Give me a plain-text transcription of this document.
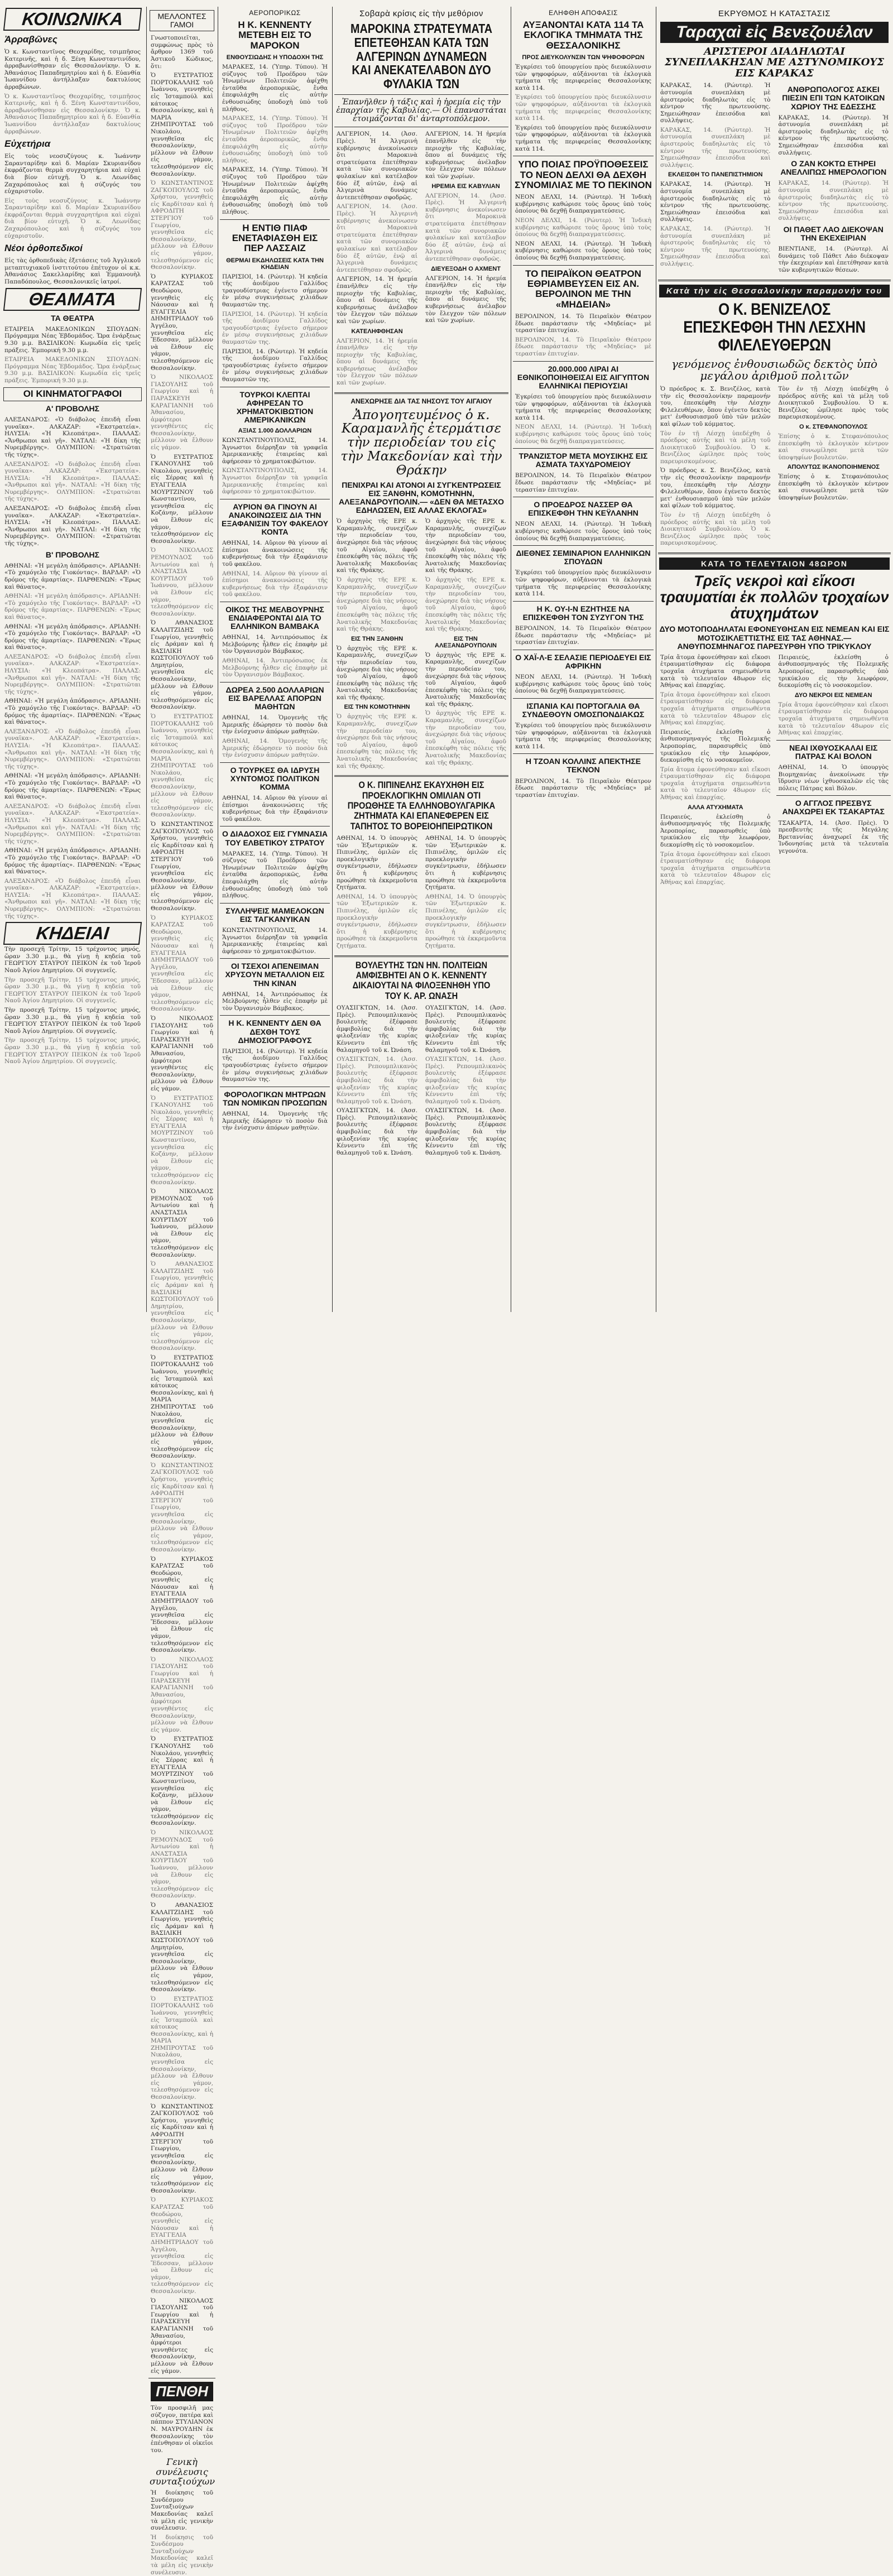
ΚΟΙΝΩΝΙΚΑ
Ἀρραβῶνες

Ὁ κ. Κωνσταντῖνος Θεοχαρίδης, τσιμπῆσος Κατερινῆς, καὶ ἡ δ. Ξένη Κωνσταντινίδου, ἀρραβωνίσθησαν εἰς Θεσσαλονίκην. Ὁ κ. Ἀθανάσιος Παπαδημητρίου καὶ ἡ δ. Εὐανθία Ἰωαννίδου ἀντήλλαξαν δακτυλίους ἀρραβώνων.

Ὁ κ. Κωνσταντῖνος Θεοχαρίδης, τσιμπῆσος Κατερινῆς, καὶ ἡ δ. Ξένη Κωνσταντινίδου, ἀρραβωνίσθησαν εἰς Θεσσαλονίκην. Ὁ κ. Ἀθανάσιος Παπαδημητρίου καὶ ἡ δ. Εὐανθία Ἰωαννίδου ἀντήλλαξαν δακτυλίους ἀρραβώνων.

Εὐχετήρια

Εἰς τοὺς νεοσυζύγους κ. Ἰωάννην Σαρανταρίδην καὶ δ. Μαρίαν Σκυριανίδου ἐκφράζονται θερμὰ συγχαρητήρια καὶ εὐχαὶ διὰ βίον εὐτυχῆ. Ὁ κ. Λεωνίδας Ζαχαρόπουλος καὶ ἡ σύζυγός του εὐχαριστοῦν.

Εἰς τοὺς νεοσυζύγους κ. Ἰωάννην Σαρανταρίδην καὶ δ. Μαρίαν Σκυριανίδου ἐκφράζονται θερμὰ συγχαρητήρια καὶ εὐχαὶ διὰ βίον εὐτυχῆ. Ὁ κ. Λεωνίδας Ζαχαρόπουλος καὶ ἡ σύζυγός του εὐχαριστοῦν.

Νέοι ὀρθοπεδικοί

Εἰς τὰς ὀρθοπεδικὰς ἐξετάσεις τοῦ Ἀγγλικοῦ μεταπτυχιακοῦ ἰνστιτούτου ἐπέτυχον οἱ κ.κ. Ἀθανάσιος Σακελλαρίδης καὶ Ἐμμανουὴλ Παπαδόπουλος, Θεσσαλονικεῖς ἰατροί.

ΘΕΑΜΑΤΑ
ΤΑ ΘΕΑΤΡΑ

ΕΤΑΙΡΕΙΑ ΜΑΚΕΔΟΝΙΚΩΝ ΣΠΟΥΔΩΝ: Πρόγραμμα Νέας Ἐβδομάδος. Ὥρα ἐνάρξεως 9.30 μ.μ. ΒΑΣΙΛΙΚΟΝ: Κωμωδία εἰς τρεῖς πράξεις. Ἐμπορική 9.30 μ.μ.

ΕΤΑΙΡΕΙΑ ΜΑΚΕΔΟΝΙΚΩΝ ΣΠΟΥΔΩΝ: Πρόγραμμα Νέας Ἐβδομάδος. Ὥρα ἐνάρξεως 9.30 μ.μ. ΒΑΣΙΛΙΚΟΝ: Κωμωδία εἰς τρεῖς πράξεις. Ἐμπορική 9.30 μ.μ.

ΟΙ ΚΙΝΗΜΑΤΟΓΡΑΦΟΙ
Α' ΠΡΟΒΟΛΗΣ

ΑΛΕΞΑΝΔΡΟΣ: «Ὁ διάβολος ἐπειδὴ εἶναι γυναῖκα». ΑΛΚΑΖΑΡ: «Ἐκστρατεία». ΗΛΥΣΙΑ: «Ἡ Κλεοπάτρα». ΠΑΛΛΑΣ: «Ἄνθρωποι καὶ γῆ». ΝΑΤΑΛΙ: «Ἡ δίκη τῆς Νυρεμβέργης». ΟΛΥΜΠΙΟΝ: «Στρατιῶται τῆς τύχης».

ΑΛΕΞΑΝΔΡΟΣ: «Ὁ διάβολος ἐπειδὴ εἶναι γυναῖκα». ΑΛΚΑΖΑΡ: «Ἐκστρατεία». ΗΛΥΣΙΑ: «Ἡ Κλεοπάτρα». ΠΑΛΛΑΣ: «Ἄνθρωποι καὶ γῆ». ΝΑΤΑΛΙ: «Ἡ δίκη τῆς Νυρεμβέργης». ΟΛΥΜΠΙΟΝ: «Στρατιῶται τῆς τύχης».

ΑΛΕΞΑΝΔΡΟΣ: «Ὁ διάβολος ἐπειδὴ εἶναι γυναῖκα». ΑΛΚΑΖΑΡ: «Ἐκστρατεία». ΗΛΥΣΙΑ: «Ἡ Κλεοπάτρα». ΠΑΛΛΑΣ: «Ἄνθρωποι καὶ γῆ». ΝΑΤΑΛΙ: «Ἡ δίκη τῆς Νυρεμβέργης». ΟΛΥΜΠΙΟΝ: «Στρατιῶται τῆς τύχης».

Β' ΠΡΟΒΟΛΗΣ

ΑΘΗΝΑΙ: «Ἡ μεγάλη ἀπόδρασις». ΑΡΙΑΔΝΗ: «Τὸ χαμόγελο τῆς Γιοκόντας». ΒΑΡΔΑΡ: «Ὁ δρόμος τῆς ἁμαρτίας». ΠΑΡΘΕΝΩΝ: «Ἔρως καὶ θάνατος».

ΑΘΗΝΑΙ: «Ἡ μεγάλη ἀπόδρασις». ΑΡΙΑΔΝΗ: «Τὸ χαμόγελο τῆς Γιοκόντας». ΒΑΡΔΑΡ: «Ὁ δρόμος τῆς ἁμαρτίας». ΠΑΡΘΕΝΩΝ: «Ἔρως καὶ θάνατος».

ΑΘΗΝΑΙ: «Ἡ μεγάλη ἀπόδρασις». ΑΡΙΑΔΝΗ: «Τὸ χαμόγελο τῆς Γιοκόντας». ΒΑΡΔΑΡ: «Ὁ δρόμος τῆς ἁμαρτίας». ΠΑΡΘΕΝΩΝ: «Ἔρως καὶ θάνατος».

ΑΛΕΞΑΝΔΡΟΣ: «Ὁ διάβολος ἐπειδὴ εἶναι γυναῖκα». ΑΛΚΑΖΑΡ: «Ἐκστρατεία». ΗΛΥΣΙΑ: «Ἡ Κλεοπάτρα». ΠΑΛΛΑΣ: «Ἄνθρωποι καὶ γῆ». ΝΑΤΑΛΙ: «Ἡ δίκη τῆς Νυρεμβέργης». ΟΛΥΜΠΙΟΝ: «Στρατιῶται τῆς τύχης».

ΑΘΗΝΑΙ: «Ἡ μεγάλη ἀπόδρασις». ΑΡΙΑΔΝΗ: «Τὸ χαμόγελο τῆς Γιοκόντας». ΒΑΡΔΑΡ: «Ὁ δρόμος τῆς ἁμαρτίας». ΠΑΡΘΕΝΩΝ: «Ἔρως καὶ θάνατος».

ΑΛΕΞΑΝΔΡΟΣ: «Ὁ διάβολος ἐπειδὴ εἶναι γυναῖκα». ΑΛΚΑΖΑΡ: «Ἐκστρατεία». ΗΛΥΣΙΑ: «Ἡ Κλεοπάτρα». ΠΑΛΛΑΣ: «Ἄνθρωποι καὶ γῆ». ΝΑΤΑΛΙ: «Ἡ δίκη τῆς Νυρεμβέργης». ΟΛΥΜΠΙΟΝ: «Στρατιῶται τῆς τύχης».

ΑΘΗΝΑΙ: «Ἡ μεγάλη ἀπόδρασις». ΑΡΙΑΔΝΗ: «Τὸ χαμόγελο τῆς Γιοκόντας». ΒΑΡΔΑΡ: «Ὁ δρόμος τῆς ἁμαρτίας». ΠΑΡΘΕΝΩΝ: «Ἔρως καὶ θάνατος».

ΑΛΕΞΑΝΔΡΟΣ: «Ὁ διάβολος ἐπειδὴ εἶναι γυναῖκα». ΑΛΚΑΖΑΡ: «Ἐκστρατεία». ΗΛΥΣΙΑ: «Ἡ Κλεοπάτρα». ΠΑΛΛΑΣ: «Ἄνθρωποι καὶ γῆ». ΝΑΤΑΛΙ: «Ἡ δίκη τῆς Νυρεμβέργης». ΟΛΥΜΠΙΟΝ: «Στρατιῶται τῆς τύχης».

ΑΘΗΝΑΙ: «Ἡ μεγάλη ἀπόδρασις». ΑΡΙΑΔΝΗ: «Τὸ χαμόγελο τῆς Γιοκόντας». ΒΑΡΔΑΡ: «Ὁ δρόμος τῆς ἁμαρτίας». ΠΑΡΘΕΝΩΝ: «Ἔρως καὶ θάνατος».

ΑΛΕΞΑΝΔΡΟΣ: «Ὁ διάβολος ἐπειδὴ εἶναι γυναῖκα». ΑΛΚΑΖΑΡ: «Ἐκστρατεία». ΗΛΥΣΙΑ: «Ἡ Κλεοπάτρα». ΠΑΛΛΑΣ: «Ἄνθρωποι καὶ γῆ». ΝΑΤΑΛΙ: «Ἡ δίκη τῆς Νυρεμβέργης». ΟΛΥΜΠΙΟΝ: «Στρατιῶται τῆς τύχης».

ΚΗΔΕΙΑΙ

Τὴν προσεχῆ Τρίτην, 15 τρέχοντος μηνός, ὥραν 3.30 μ.μ., θὰ γίνῃ ἡ κηδεία τοῦ ΓΕΩΡΓΙΟΥ ΣΤΑΥΡΟΥ ΠΕΙΚΟΝ ἐκ τοῦ Ἱεροῦ Ναοῦ Ἁγίου Δημητρίου. Οἱ συγγενεῖς.

Τὴν προσεχῆ Τρίτην, 15 τρέχοντος μηνός, ὥραν 3.30 μ.μ., θὰ γίνῃ ἡ κηδεία τοῦ ΓΕΩΡΓΙΟΥ ΣΤΑΥΡΟΥ ΠΕΙΚΟΝ ἐκ τοῦ Ἱεροῦ Ναοῦ Ἁγίου Δημητρίου. Οἱ συγγενεῖς.

Τὴν προσεχῆ Τρίτην, 15 τρέχοντος μηνός, ὥραν 3.30 μ.μ., θὰ γίνῃ ἡ κηδεία τοῦ ΓΕΩΡΓΙΟΥ ΣΤΑΥΡΟΥ ΠΕΙΚΟΝ ἐκ τοῦ Ἱεροῦ Ναοῦ Ἁγίου Δημητρίου. Οἱ συγγενεῖς.

Τὴν προσεχῆ Τρίτην, 15 τρέχοντος μηνός, ὥραν 3.30 μ.μ., θὰ γίνῃ ἡ κηδεία τοῦ ΓΕΩΡΓΙΟΥ ΣΤΑΥΡΟΥ ΠΕΙΚΟΝ ἐκ τοῦ Ἱεροῦ Ναοῦ Ἁγίου Δημητρίου. Οἱ συγγενεῖς.

ΜΕΛΛΟΝΤΕΣ ΓΑΜΟΙ

Γνωστοποιεῖται, συμφώνως πρὸς τὸ ἄρθρον 1369 τοῦ Ἀστικοῦ Κώδικος, ὅτι:

Ὁ ΕΥΣΤΡΑΤΙΟΣ ΠΟΡΤΟΚΑΛΛΗΣ τοῦ Ἰωάννου, γεννηθεὶς εἰς Ἰσταμπούλ καὶ κάτοικος Θεσσαλονίκης, καὶ ἡ ΜΑΡΙΑ ΖΗΜΠΡΟΥΤΑΣ τοῦ Νικολάου, γεννηθεῖσα εἰς Θεσσαλονίκην, μέλλουν νὰ ἔλθουν εἰς γάμον, τελεσθησόμενον εἰς Θεσσαλονίκην.

Ὁ ΚΩΝΣΤΑΝΤΙΝΟΣ ΖΑΓΚΟΠΟΥΛΟΣ τοῦ Χρήστου, γεννηθεὶς εἰς Καρδίτσαν καὶ ἡ ΑΦΡΟΔΙΤΗ ΣΤΕΡΓΙΟΥ τοῦ Γεωργίου, γεννηθεῖσα εἰς Θεσσαλονίκην, μέλλουν νὰ ἔλθουν εἰς γάμον, τελεσθησόμενον εἰς Θεσσαλονίκην.

Ὁ ΚΥΡΙΑΚΟΣ ΚΑΡΑΤΖΑΣ τοῦ Θεοδώρου, γεννηθεὶς εἰς Νάουσαν καὶ ἡ ΕΥΑΓΓΕΛΙΑ ΔΗΜΗΤΡΙΑΔΟΥ τοῦ Ἀγγέλου, γεννηθεῖσα εἰς Ἔδεσσαν, μέλλουν νὰ ἔλθουν εἰς γάμον, τελεσθησόμενον εἰς Θεσσαλονίκην.

Ὁ ΝΙΚΟΛΑΟΣ ΓΙΑΣΟΥΛΗΣ τοῦ Γεωργίου καὶ ἡ ΠΑΡΑΣΚΕΥΗ ΚΑΡΑΓΙΑΝΝΗ τοῦ Ἀθανασίου, ἀμφότεροι γεννηθέντες εἰς Θεσσαλονίκην, μέλλουν νὰ ἔλθουν εἰς γάμον.

Ὁ ΕΥΣΤΡΑΤΙΟΣ ΓΚΑΝΟΥΛΗΣ τοῦ Νικολάου, γεννηθεὶς εἰς Σέρρας καὶ ἡ ΕΥΑΓΓΕΛΙΑ ΜΟΥΡΤΖΙΝΟΥ τοῦ Κωνσταντίνου, γεννηθεῖσα εἰς Κοζάνην, μέλλουν νὰ ἔλθουν εἰς γάμον, τελεσθησόμενον εἰς Θεσσαλονίκην.

Ὁ ΝΙΚΟΛΑΟΣ ΡΕΜΟΥΝΔΟΣ τοῦ Ἀντωνίου καὶ ἡ ΑΝΑΣΤΑΣΙΑ ΚΟΥΡΤΙΔΟΥ τοῦ Ἰωάννου, μέλλουν νὰ ἔλθουν εἰς γάμον, τελεσθησόμενον εἰς Θεσσαλονίκην.

Ὁ ΑΘΑΝΑΣΙΟΣ ΚΑΛΑΙΤΖΙΔΗΣ τοῦ Γεωργίου, γεννηθεὶς εἰς Δράμαν καὶ ἡ ΒΑΣΙΛΙΚΗ ΚΩΣΤΟΠΟΥΛΟΥ τοῦ Δημητρίου, γεννηθεῖσα εἰς Θεσσαλονίκην, μέλλουν νὰ ἔλθουν εἰς γάμον, τελεσθησόμενον εἰς Θεσσαλονίκην.

Ὁ ΕΥΣΤΡΑΤΙΟΣ ΠΟΡΤΟΚΑΛΛΗΣ τοῦ Ἰωάννου, γεννηθεὶς εἰς Ἰσταμπούλ καὶ κάτοικος Θεσσαλονίκης, καὶ ἡ ΜΑΡΙΑ ΖΗΜΠΡΟΥΤΑΣ τοῦ Νικολάου, γεννηθεῖσα εἰς Θεσσαλονίκην, μέλλουν νὰ ἔλθουν εἰς γάμον, τελεσθησόμενον εἰς Θεσσαλονίκην.

Ὁ ΚΩΝΣΤΑΝΤΙΝΟΣ ΖΑΓΚΟΠΟΥΛΟΣ τοῦ Χρήστου, γεννηθεὶς εἰς Καρδίτσαν καὶ ἡ ΑΦΡΟΔΙΤΗ ΣΤΕΡΓΙΟΥ τοῦ Γεωργίου, γεννηθεῖσα εἰς Θεσσαλονίκην, μέλλουν νὰ ἔλθουν εἰς γάμον, τελεσθησόμενον εἰς Θεσσαλονίκην.

Ὁ ΚΥΡΙΑΚΟΣ ΚΑΡΑΤΖΑΣ τοῦ Θεοδώρου, γεννηθεὶς εἰς Νάουσαν καὶ ἡ ΕΥΑΓΓΕΛΙΑ ΔΗΜΗΤΡΙΑΔΟΥ τοῦ Ἀγγέλου, γεννηθεῖσα εἰς Ἔδεσσαν, μέλλουν νὰ ἔλθουν εἰς γάμον, τελεσθησόμενον εἰς Θεσσαλονίκην.

Ὁ ΝΙΚΟΛΑΟΣ ΓΙΑΣΟΥΛΗΣ τοῦ Γεωργίου καὶ ἡ ΠΑΡΑΣΚΕΥΗ ΚΑΡΑΓΙΑΝΝΗ τοῦ Ἀθανασίου, ἀμφότεροι γεννηθέντες εἰς Θεσσαλονίκην, μέλλουν νὰ ἔλθουν εἰς γάμον.

Ὁ ΕΥΣΤΡΑΤΙΟΣ ΓΚΑΝΟΥΛΗΣ τοῦ Νικολάου, γεννηθεὶς εἰς Σέρρας καὶ ἡ ΕΥΑΓΓΕΛΙΑ ΜΟΥΡΤΖΙΝΟΥ τοῦ Κωνσταντίνου, γεννηθεῖσα εἰς Κοζάνην, μέλλουν νὰ ἔλθουν εἰς γάμον, τελεσθησόμενον εἰς Θεσσαλονίκην.

Ὁ ΝΙΚΟΛΑΟΣ ΡΕΜΟΥΝΔΟΣ τοῦ Ἀντωνίου καὶ ἡ ΑΝΑΣΤΑΣΙΑ ΚΟΥΡΤΙΔΟΥ τοῦ Ἰωάννου, μέλλουν νὰ ἔλθουν εἰς γάμον, τελεσθησόμενον εἰς Θεσσαλονίκην.

Ὁ ΑΘΑΝΑΣΙΟΣ ΚΑΛΑΙΤΖΙΔΗΣ τοῦ Γεωργίου, γεννηθεὶς εἰς Δράμαν καὶ ἡ ΒΑΣΙΛΙΚΗ ΚΩΣΤΟΠΟΥΛΟΥ τοῦ Δημητρίου, γεννηθεῖσα εἰς Θεσσαλονίκην, μέλλουν νὰ ἔλθουν εἰς γάμον, τελεσθησόμενον εἰς Θεσσαλονίκην.

Ὁ ΕΥΣΤΡΑΤΙΟΣ ΠΟΡΤΟΚΑΛΛΗΣ τοῦ Ἰωάννου, γεννηθεὶς εἰς Ἰσταμπούλ καὶ κάτοικος Θεσσαλονίκης, καὶ ἡ ΜΑΡΙΑ ΖΗΜΠΡΟΥΤΑΣ τοῦ Νικολάου, γεννηθεῖσα εἰς Θεσσαλονίκην, μέλλουν νὰ ἔλθουν εἰς γάμον, τελεσθησόμενον εἰς Θεσσαλονίκην.

Ὁ ΚΩΝΣΤΑΝΤΙΝΟΣ ΖΑΓΚΟΠΟΥΛΟΣ τοῦ Χρήστου, γεννηθεὶς εἰς Καρδίτσαν καὶ ἡ ΑΦΡΟΔΙΤΗ ΣΤΕΡΓΙΟΥ τοῦ Γεωργίου, γεννηθεῖσα εἰς Θεσσαλονίκην, μέλλουν νὰ ἔλθουν εἰς γάμον, τελεσθησόμενον εἰς Θεσσαλονίκην.

Ὁ ΚΥΡΙΑΚΟΣ ΚΑΡΑΤΖΑΣ τοῦ Θεοδώρου, γεννηθεὶς εἰς Νάουσαν καὶ ἡ ΕΥΑΓΓΕΛΙΑ ΔΗΜΗΤΡΙΑΔΟΥ τοῦ Ἀγγέλου, γεννηθεῖσα εἰς Ἔδεσσαν, μέλλουν νὰ ἔλθουν εἰς γάμον, τελεσθησόμενον εἰς Θεσσαλονίκην.

Ὁ ΝΙΚΟΛΑΟΣ ΓΙΑΣΟΥΛΗΣ τοῦ Γεωργίου καὶ ἡ ΠΑΡΑΣΚΕΥΗ ΚΑΡΑΓΙΑΝΝΗ τοῦ Ἀθανασίου, ἀμφότεροι γεννηθέντες εἰς Θεσσαλονίκην, μέλλουν νὰ ἔλθουν εἰς γάμον.

Ὁ ΕΥΣΤΡΑΤΙΟΣ ΓΚΑΝΟΥΛΗΣ τοῦ Νικολάου, γεννηθεὶς εἰς Σέρρας καὶ ἡ ΕΥΑΓΓΕΛΙΑ ΜΟΥΡΤΖΙΝΟΥ τοῦ Κωνσταντίνου, γεννηθεῖσα εἰς Κοζάνην, μέλλουν νὰ ἔλθουν εἰς γάμον, τελεσθησόμενον εἰς Θεσσαλονίκην.

Ὁ ΝΙΚΟΛΑΟΣ ΡΕΜΟΥΝΔΟΣ τοῦ Ἀντωνίου καὶ ἡ ΑΝΑΣΤΑΣΙΑ ΚΟΥΡΤΙΔΟΥ τοῦ Ἰωάννου, μέλλουν νὰ ἔλθουν εἰς γάμον, τελεσθησόμενον εἰς Θεσσαλονίκην.

Ὁ ΑΘΑΝΑΣΙΟΣ ΚΑΛΑΙΤΖΙΔΗΣ τοῦ Γεωργίου, γεννηθεὶς εἰς Δράμαν καὶ ἡ ΒΑΣΙΛΙΚΗ ΚΩΣΤΟΠΟΥΛΟΥ τοῦ Δημητρίου, γεννηθεῖσα εἰς Θεσσαλονίκην, μέλλουν νὰ ἔλθουν εἰς γάμον, τελεσθησόμενον εἰς Θεσσαλονίκην.

Ὁ ΕΥΣΤΡΑΤΙΟΣ ΠΟΡΤΟΚΑΛΛΗΣ τοῦ Ἰωάννου, γεννηθεὶς εἰς Ἰσταμπούλ καὶ κάτοικος Θεσσαλονίκης, καὶ ἡ ΜΑΡΙΑ ΖΗΜΠΡΟΥΤΑΣ τοῦ Νικολάου, γεννηθεῖσα εἰς Θεσσαλονίκην, μέλλουν νὰ ἔλθουν εἰς γάμον, τελεσθησόμενον εἰς Θεσσαλονίκην.

Ὁ ΚΩΝΣΤΑΝΤΙΝΟΣ ΖΑΓΚΟΠΟΥΛΟΣ τοῦ Χρήστου, γεννηθεὶς εἰς Καρδίτσαν καὶ ἡ ΑΦΡΟΔΙΤΗ ΣΤΕΡΓΙΟΥ τοῦ Γεωργίου, γεννηθεῖσα εἰς Θεσσαλονίκην, μέλλουν νὰ ἔλθουν εἰς γάμον, τελεσθησόμενον εἰς Θεσσαλονίκην.

Ὁ ΚΥΡΙΑΚΟΣ ΚΑΡΑΤΖΑΣ τοῦ Θεοδώρου, γεννηθεὶς εἰς Νάουσαν καὶ ἡ ΕΥΑΓΓΕΛΙΑ ΔΗΜΗΤΡΙΑΔΟΥ τοῦ Ἀγγέλου, γεννηθεῖσα εἰς Ἔδεσσαν, μέλλουν νὰ ἔλθουν εἰς γάμον, τελεσθησόμενον εἰς Θεσσαλονίκην.

Ὁ ΝΙΚΟΛΑΟΣ ΓΙΑΣΟΥΛΗΣ τοῦ Γεωργίου καὶ ἡ ΠΑΡΑΣΚΕΥΗ ΚΑΡΑΓΙΑΝΝΗ τοῦ Ἀθανασίου, ἀμφότεροι γεννηθέντες εἰς Θεσσαλονίκην, μέλλουν νὰ ἔλθουν εἰς γάμον.

ΠΕΝΘΗ

Τὸν προσφιλῆ μας σύζυγον, πατέρα καὶ πάππον ΣΤΥΛΙΑΝΟΝ Ν. ΜΑΥΡΟΥΔΗΝ ἐκ Θεσσαλονίκης τὸν ἐπένθησαν οἱ οἰκεῖοι του.

Γενικὴ συνέλευσις συνταξιούχων

Ἡ διοίκησις τοῦ Συνδέσμου Συνταξιούχων Μακεδονίας καλεῖ τὰ μέλη εἰς γενικὴν συνέλευσιν.

Ἡ διοίκησις τοῦ Συνδέσμου Συνταξιούχων Μακεδονίας καλεῖ τὰ μέλη εἰς γενικὴν συνέλευσιν.

ΑΕΡΟΠΟΡΙΚΩΣ
Η Κ. ΚΕΝΝΕΝΤΥ ΜΕΤΕΒΗ ΕΙΣ ΤΟ ΜΑΡΟΚΟΝ
ΕΝΘΟΥΣΙΩΔΗΣ Η ΥΠΟΔΟΧΗ ΤΗΣ

ΜΑΡΑΚΕΣ, 14. (Ὑπηρ. Τύπου). Ἡ σύζυγος τοῦ Προέδρου τῶν Ἡνωμένων Πολιτειῶν ἀφίχθη ἐνταῦθα ἀεροπορικῶς, ἔνθα ἐπεφυλάχθη εἰς αὐτὴν ἐνθουσιώδης ὑποδοχὴ ὑπὸ τοῦ πλήθους.

ΜΑΡΑΚΕΣ, 14. (Ὑπηρ. Τύπου). Ἡ σύζυγος τοῦ Προέδρου τῶν Ἡνωμένων Πολιτειῶν ἀφίχθη ἐνταῦθα ἀεροπορικῶς, ἔνθα ἐπεφυλάχθη εἰς αὐτὴν ἐνθουσιώδης ὑποδοχὴ ὑπὸ τοῦ πλήθους.

ΜΑΡΑΚΕΣ, 14. (Ὑπηρ. Τύπου). Ἡ σύζυγος τοῦ Προέδρου τῶν Ἡνωμένων Πολιτειῶν ἀφίχθη ἐνταῦθα ἀεροπορικῶς, ἔνθα ἐπεφυλάχθη εἰς αὐτὴν ἐνθουσιώδης ὑποδοχὴ ὑπὸ τοῦ πλήθους.

Η ΕΝΤΙΘ ΠΙΑΦ ΕΝΕΤΑΦΙΑΣΘΗ ΕΙΣ ΠΕΡ ΛΑΣΣΑΙΖ
ΘΕΡΜΑΙ ΕΚΔΗΛΩΣΕΙΣ ΚΑΤΑ ΤΗΝ ΚΗΔΕΙΑΝ

ΠΑΡΙΣΙΟΙ, 14. (Ρώυτερ). Ἡ κηδεία τῆς ἀοιδίμου Γαλλίδος τραγουδίστριας ἐγένετο σήμερον ἐν μέσῳ συγκινήσεως χιλιάδων θαυμαστῶν της.

ΠΑΡΙΣΙΟΙ, 14. (Ρώυτερ). Ἡ κηδεία τῆς ἀοιδίμου Γαλλίδος τραγουδίστριας ἐγένετο σήμερον ἐν μέσῳ συγκινήσεως χιλιάδων θαυμαστῶν της.

ΠΑΡΙΣΙΟΙ, 14. (Ρώυτερ). Ἡ κηδεία τῆς ἀοιδίμου Γαλλίδος τραγουδίστριας ἐγένετο σήμερον ἐν μέσῳ συγκινήσεως χιλιάδων θαυμαστῶν της.

ΤΟΥΡΚΟΙ ΚΛΕΠΤΑΙ ΑΦΗΡΕΣΑΝ ΤΟ ΧΡΗΜΑΤΟΚΙΒΩΤΙΟΝ ΑΜΕΡΙΚΑΝΙΚΩΝ
ΑΞΙΑΣ 1.000 ΔΟΛΛΑΡΙΩΝ

ΚΩΝΣΤΑΝΤΙΝΟΥΠΟΛΙΣ, 14. Ἄγνωστοι διέρρηξαν τὰ γραφεῖα Ἀμερικανικῆς ἑταιρείας καὶ ἀφήρεσαν τὸ χρηματοκιβώτιον.

ΚΩΝΣΤΑΝΤΙΝΟΥΠΟΛΙΣ, 14. Ἄγνωστοι διέρρηξαν τὰ γραφεῖα Ἀμερικανικῆς ἑταιρείας καὶ ἀφήρεσαν τὸ χρηματοκιβώτιον.

ΑΥΡΙΟΝ ΘΑ ΓΙΝΟΥΝ ΑΙ ΑΝΑΚΟΙΝΩΣΕΙΣ ΔΙΑ ΤΗΝ ΕΞΑΦΑΝΙΣΙΝ ΤΟΥ ΦΑΚΕΛΟΥ ΚΟΝΤΑ

ΑΘΗΝΑΙ, 14. Αὔριον θὰ γίνουν αἱ ἐπίσημοι ἀνακοινώσεις τῆς κυβερνήσεως διὰ τὴν ἐξαφάνισιν τοῦ φακέλου.

ΑΘΗΝΑΙ, 14. Αὔριον θὰ γίνουν αἱ ἐπίσημοι ἀνακοινώσεις τῆς κυβερνήσεως διὰ τὴν ἐξαφάνισιν τοῦ φακέλου.

ΟΙΚΟΣ ΤΗΣ ΜΕΛΒΟΥΡΝΗΣ ΕΝΔΙΑΦΕΡΟΝΤΑΙ ΔΙΑ ΤΟ ΕΛΛΗΝΙΚΟΝ ΒΑΜΒΑΚΑ

ΑΘΗΝΑΙ, 14. Ἀντιπρόσωπος ἐκ Μελβούρνης ἦλθεν εἰς ἐπαφὴν μὲ τὸν Ὀργανισμὸν Βάμβακος.

ΑΘΗΝΑΙ, 14. Ἀντιπρόσωπος ἐκ Μελβούρνης ἦλθεν εἰς ἐπαφὴν μὲ τὸν Ὀργανισμὸν Βάμβακος.

ΔΩΡΕΑ 2.500 ΔΟΛΛΑΡΙΩΝ ΕΙΣ ΒΑΡΕΛΛΑΣ ΑΠΟΡΩΝ ΜΑΘΗΤΩΝ

ΑΘΗΝΑΙ, 14. Ὁμογενὴς τῆς Ἀμερικῆς ἐδώρησεν τὸ ποσὸν διὰ τὴν ἐνίσχυσιν ἀπόρων μαθητῶν.

ΑΘΗΝΑΙ, 14. Ὁμογενὴς τῆς Ἀμερικῆς ἐδώρησεν τὸ ποσὸν διὰ τὴν ἐνίσχυσιν ἀπόρων μαθητῶν.

Ο ΤΟΥΡΚΕΣ ΘΑ ΙΔΡΥΣΗ ΧΥΝΤΟΜΟΣ ΠΟΛΙΤΙΚΟΝ ΚΟΜΜΑ

ΑΘΗΝΑΙ, 14. Αὔριον θὰ γίνουν αἱ ἐπίσημοι ἀνακοινώσεις τῆς κυβερνήσεως διὰ τὴν ἐξαφάνισιν τοῦ φακέλου.

Ο ΔΙΑΔΟΧΟΣ ΕΙΣ ΓΥΜΝΑΣΙΑ ΤΟΥ ΕΛΒΕΤΙΚΟΥ ΣΤΡΑΤΟΥ

ΜΑΡΑΚΕΣ, 14. (Ὑπηρ. Τύπου). Ἡ σύζυγος τοῦ Προέδρου τῶν Ἡνωμένων Πολιτειῶν ἀφίχθη ἐνταῦθα ἀεροπορικῶς, ἔνθα ἐπεφυλάχθη εἰς αὐτὴν ἐνθουσιώδης ὑποδοχὴ ὑπὸ τοῦ πλήθους.

ΣΥΛΛΗΨΕΙΣ ΜΑΜΕΛΟΚΩΝ ΕΙΣ ΤΑΓΚΑΝΥΙΚΑΝ

ΚΩΝΣΤΑΝΤΙΝΟΥΠΟΛΙΣ, 14. Ἄγνωστοι διέρρηξαν τὰ γραφεῖα Ἀμερικανικῆς ἑταιρείας καὶ ἀφήρεσαν τὸ χρηματοκιβώτιον.

ΟΙ ΤΣΕΧΟΙ ΑΠΕΝΕΙΜΑΝ ΧΡΥΣΟΥΝ ΜΕΤΑΛΛΙΟΝ ΕΙΣ ΤΗΝ ΚΙΝΑΝ

ΑΘΗΝΑΙ, 14. Ἀντιπρόσωπος ἐκ Μελβούρνης ἦλθεν εἰς ἐπαφὴν μὲ τὸν Ὀργανισμὸν Βάμβακος.

Η Κ. ΚΕΝΝΕΝΤΥ ΔΕΝ ΘΑ ΔΕΧΘΗ ΤΟΥΣ ΔΗΜΟΣΙΟΓΡΑΦΟΥΣ

ΠΑΡΙΣΙΟΙ, 14. (Ρώυτερ). Ἡ κηδεία τῆς ἀοιδίμου Γαλλίδος τραγουδίστριας ἐγένετο σήμερον ἐν μέσῳ συγκινήσεως χιλιάδων θαυμαστῶν της.

ΦΟΡΟΛΟΓΙΚΩΝ ΜΗΤΡΩΩΝ ΤΩΝ ΝΟΜΙΚΩΝ ΠΡΟΣΩΠΩΝ

ΑΘΗΝΑΙ, 14. Ὁμογενὴς τῆς Ἀμερικῆς ἐδώρησεν τὸ ποσὸν διὰ τὴν ἐνίσχυσιν ἀπόρων μαθητῶν.

Σοβαρὰ κρίσις εἰς τὴν μεθόριον
ΜΑΡΟΚΙΝΑ ΣΤΡΑΤΕΥΜΑΤΑ ΕΠΕΤΕΘΗΣΑΝ ΚΑΤΑ ΤΩΝ ΑΛΓΕΡΙΝΩΝ ΔΥΝΑΜΕΩΝ ΚΑΙ ΑΝΕΚΑΤΕΛΑΒΟΝ ΔΥΟ ΦΥΛΑΚΙΑ ΤΩΝ
Ἐπανῆλθεν ἡ τάξις καὶ ἡ ἠρεμία εἰς τὴν ἐπαρχίαν τῆς Καβυλίας.— Οἱ ἐπαναστάται ἑτοιμάζονται δι' ἀνταρτοπόλεμον.

ΑΛΓΕΡΙΟΝ, 14. (Ἀσσ. Πρὲς). Ἡ Ἀλγερινὴ κυβέρνησις ἀνεκοίνωσεν ὅτι Μαροκινὰ στρατεύματα ἐπετέθησαν κατὰ τῶν συνοριακῶν φυλακίων καὶ κατέλαβον δύο ἐξ αὐτῶν, ἐνῷ αἱ Ἀλγερινὰ δυνάμεις ἀντεπετέθησαν σφοδρῶς.

ΑΛΓΕΡΙΟΝ, 14. (Ἀσσ. Πρὲς). Ἡ Ἀλγερινὴ κυβέρνησις ἀνεκοίνωσεν ὅτι Μαροκινὰ στρατεύματα ἐπετέθησαν κατὰ τῶν συνοριακῶν φυλακίων καὶ κατέλαβον δύο ἐξ αὐτῶν, ἐνῷ αἱ Ἀλγερινὰ δυνάμεις ἀντεπετέθησαν σφοδρῶς.

ΑΛΓΕΡΙΟΝ, 14. Ἡ ἠρεμία ἐπανῆλθεν εἰς τὴν περιοχὴν τῆς Καβυλίας, ὅπου αἱ δυνάμεις τῆς κυβερνήσεως ἀνέλαβον τὸν ἔλεγχον τῶν πόλεων καὶ τῶν χωρίων.

ΚΑΤΕΛΗΦΘΗΣΑΝ

ΑΛΓΕΡΙΟΝ, 14. Ἡ ἠρεμία ἐπανῆλθεν εἰς τὴν περιοχὴν τῆς Καβυλίας, ὅπου αἱ δυνάμεις τῆς κυβερνήσεως ἀνέλαβον τὸν ἔλεγχον τῶν πόλεων καὶ τῶν χωρίων.

ΑΛΓΕΡΙΟΝ, 14. Ἡ ἠρεμία ἐπανῆλθεν εἰς τὴν περιοχὴν τῆς Καβυλίας, ὅπου αἱ δυνάμεις τῆς κυβερνήσεως ἀνέλαβον τὸν ἔλεγχον τῶν πόλεων καὶ τῶν χωρίων.

ΗΡΕΜΙΑ ΕΙΣ ΚΑΒΥΛΙΑΝ

ΑΛΓΕΡΙΟΝ, 14. (Ἀσσ. Πρὲς). Ἡ Ἀλγερινὴ κυβέρνησις ἀνεκοίνωσεν ὅτι Μαροκινὰ στρατεύματα ἐπετέθησαν κατὰ τῶν συνοριακῶν φυλακίων καὶ κατέλαβον δύο ἐξ αὐτῶν, ἐνῷ αἱ Ἀλγερινὰ δυνάμεις ἀντεπετέθησαν σφοδρῶς.

ΔΙΕΥΕΞΟΔΗ Ο ΑΧΜΕΝΤ

ΑΛΓΕΡΙΟΝ, 14. Ἡ ἠρεμία ἐπανῆλθεν εἰς τὴν περιοχὴν τῆς Καβυλίας, ὅπου αἱ δυνάμεις τῆς κυβερνήσεως ἀνέλαβον τὸν ἔλεγχον τῶν πόλεων καὶ τῶν χωρίων.

ΑΝΕΧΩΡΗΣΕ ΔΙΑ ΤΑΣ ΝΗΣΟΥΣ ΤΟΥ ΑΙΓΑΙΟΥ
Ἀπογοητευμένος ὁ κ. Καραμανλῆς ἐτερμάτισε τὴν περιοδείαν του εἰς τὴν Μακεδονίαν καὶ τὴν Θράκην
ΠΕΝΙΧΡΑΙ ΚΑΙ ΑΤΟΝΟΙ ΑΙ ΣΥΓΚΕΝΤΡΩΣΕΙΣ ΕΙΣ ΞΑΝΘΗΝ, ΚΟΜΟΤΗΝΗΝ, ΑΛΕΞΑΝΔΡΟΥΠΟΛΙΝ.— «ΔΕΝ ΘΑ ΜΕΤΑΣΧΟ ΕΔΗΛΩΣΕΝ, ΕΙΣ ΑΛΛΑΣ ΕΚΛΟΓΑΣ»

Ὁ ἀρχηγὸς τῆς ΕΡΕ κ. Καραμανλῆς, συνεχίζων τὴν περιοδείαν του, ἀνεχώρησε διὰ τὰς νήσους τοῦ Αἰγαίου, ἀφοῦ ἐπεσκέφθη τὰς πόλεις τῆς Ἀνατολικῆς Μακεδονίας καὶ τῆς Θράκης.

Ὁ ἀρχηγὸς τῆς ΕΡΕ κ. Καραμανλῆς, συνεχίζων τὴν περιοδείαν του, ἀνεχώρησε διὰ τὰς νήσους τοῦ Αἰγαίου, ἀφοῦ ἐπεσκέφθη τὰς πόλεις τῆς Ἀνατολικῆς Μακεδονίας καὶ τῆς Θράκης.

ΕΙΣ ΤΗΝ ΞΑΝΘΗΝ

Ὁ ἀρχηγὸς τῆς ΕΡΕ κ. Καραμανλῆς, συνεχίζων τὴν περιοδείαν του, ἀνεχώρησε διὰ τὰς νήσους τοῦ Αἰγαίου, ἀφοῦ ἐπεσκέφθη τὰς πόλεις τῆς Ἀνατολικῆς Μακεδονίας καὶ τῆς Θράκης.

ΕΙΣ ΤΗΝ ΚΟΜΟΤΗΝΗΝ

Ὁ ἀρχηγὸς τῆς ΕΡΕ κ. Καραμανλῆς, συνεχίζων τὴν περιοδείαν του, ἀνεχώρησε διὰ τὰς νήσους τοῦ Αἰγαίου, ἀφοῦ ἐπεσκέφθη τὰς πόλεις τῆς Ἀνατολικῆς Μακεδονίας καὶ τῆς Θράκης.

Ὁ ἀρχηγὸς τῆς ΕΡΕ κ. Καραμανλῆς, συνεχίζων τὴν περιοδείαν του, ἀνεχώρησε διὰ τὰς νήσους τοῦ Αἰγαίου, ἀφοῦ ἐπεσκέφθη τὰς πόλεις τῆς Ἀνατολικῆς Μακεδονίας καὶ τῆς Θράκης.

Ὁ ἀρχηγὸς τῆς ΕΡΕ κ. Καραμανλῆς, συνεχίζων τὴν περιοδείαν του, ἀνεχώρησε διὰ τὰς νήσους τοῦ Αἰγαίου, ἀφοῦ ἐπεσκέφθη τὰς πόλεις τῆς Ἀνατολικῆς Μακεδονίας καὶ τῆς Θράκης.

ΕΙΣ ΤΗΝ ΑΛΕΞΑΝΔΡΟΥΠΟΛΙΝ

Ὁ ἀρχηγὸς τῆς ΕΡΕ κ. Καραμανλῆς, συνεχίζων τὴν περιοδείαν του, ἀνεχώρησε διὰ τὰς νήσους τοῦ Αἰγαίου, ἀφοῦ ἐπεσκέφθη τὰς πόλεις τῆς Ἀνατολικῆς Μακεδονίας καὶ τῆς Θράκης.

Ὁ ἀρχηγὸς τῆς ΕΡΕ κ. Καραμανλῆς, συνεχίζων τὴν περιοδείαν του, ἀνεχώρησε διὰ τὰς νήσους τοῦ Αἰγαίου, ἀφοῦ ἐπεσκέφθη τὰς πόλεις τῆς Ἀνατολικῆς Μακεδονίας καὶ τῆς Θράκης.

Ο Κ. ΠΙΠΙΝΕΛΗΣ ΕΚΑΥΧΗΘΗ ΕΙΣ ΠΡΟΕΚΛΟΓΙΚΗΝ ΟΜΙΛΙΑΝ ΟΤΙ ΠΡΟΩΘΗΣΕ ΤΑ ΕΛΛΗΝΟΒΟΥΛΓΑΡΙΚΑ ΖΗΤΗΜΑΤΑ ΚΑΙ ΕΠΑΝΕΦΕΡΕΝ ΕΙΣ ΤΑΠΗΤΟΣ ΤΟ ΒΟΡΕΙΟΗΠΕΙΡΩΤΙΚΟΝ

ΑΘΗΝΑΙ, 14. Ὁ ὑπουργὸς τῶν Ἐξωτερικῶν κ. Πιπινέλης, ὁμιλῶν εἰς προεκλογικὴν συγκέντρωσιν, ἐδήλωσεν ὅτι ἡ κυβέρνησις προώθησε τὰ ἐκκρεμοῦντα ζητήματα.

ΑΘΗΝΑΙ, 14. Ὁ ὑπουργὸς τῶν Ἐξωτερικῶν κ. Πιπινέλης, ὁμιλῶν εἰς προεκλογικὴν συγκέντρωσιν, ἐδήλωσεν ὅτι ἡ κυβέρνησις προώθησε τὰ ἐκκρεμοῦντα ζητήματα.

ΑΘΗΝΑΙ, 14. Ὁ ὑπουργὸς τῶν Ἐξωτερικῶν κ. Πιπινέλης, ὁμιλῶν εἰς προεκλογικὴν συγκέντρωσιν, ἐδήλωσεν ὅτι ἡ κυβέρνησις προώθησε τὰ ἐκκρεμοῦντα ζητήματα.

ΑΘΗΝΑΙ, 14. Ὁ ὑπουργὸς τῶν Ἐξωτερικῶν κ. Πιπινέλης, ὁμιλῶν εἰς προεκλογικὴν συγκέντρωσιν, ἐδήλωσεν ὅτι ἡ κυβέρνησις προώθησε τὰ ἐκκρεμοῦντα ζητήματα.

ΒΟΥΛΕΥΤΗΣ ΤΩΝ ΗΝ. ΠΟΛΙΤΕΙΩΝ ΑΜΦΙΣΒΗΤΕΙ ΑΝ Ο Κ. ΚΕΝΝΕΝΤΥ ΔΙΚΑΙΟΥΤΑΙ ΝΑ ΦΙΛΟΞΕΝΗΘΗ ΥΠΟ ΤΟΥ Κ. ΑΡ. ΩΝΑΣΗ

ΟΥΑΣΙΓΚΤΩΝ, 14. (Ἀσσ. Πρὲς). Ρεπουμπλικανὸς βουλευτὴς ἐξέφρασε ἀμφιβολίας διὰ τὴν φιλοξενίαν τῆς κυρίας Κέννεντυ ἐπὶ τῆς θαλαμηγοῦ τοῦ κ. Ὠνάση.

ΟΥΑΣΙΓΚΤΩΝ, 14. (Ἀσσ. Πρὲς). Ρεπουμπλικανὸς βουλευτὴς ἐξέφρασε ἀμφιβολίας διὰ τὴν φιλοξενίαν τῆς κυρίας Κέννεντυ ἐπὶ τῆς θαλαμηγοῦ τοῦ κ. Ὠνάση.

ΟΥΑΣΙΓΚΤΩΝ, 14. (Ἀσσ. Πρὲς). Ρεπουμπλικανὸς βουλευτὴς ἐξέφρασε ἀμφιβολίας διὰ τὴν φιλοξενίαν τῆς κυρίας Κέννεντυ ἐπὶ τῆς θαλαμηγοῦ τοῦ κ. Ὠνάση.

ΟΥΑΣΙΓΚΤΩΝ, 14. (Ἀσσ. Πρὲς). Ρεπουμπλικανὸς βουλευτὴς ἐξέφρασε ἀμφιβολίας διὰ τὴν φιλοξενίαν τῆς κυρίας Κέννεντυ ἐπὶ τῆς θαλαμηγοῦ τοῦ κ. Ὠνάση.

ΟΥΑΣΙΓΚΤΩΝ, 14. (Ἀσσ. Πρὲς). Ρεπουμπλικανὸς βουλευτὴς ἐξέφρασε ἀμφιβολίας διὰ τὴν φιλοξενίαν τῆς κυρίας Κέννεντυ ἐπὶ τῆς θαλαμηγοῦ τοῦ κ. Ὠνάση.

ΟΥΑΣΙΓΚΤΩΝ, 14. (Ἀσσ. Πρὲς). Ρεπουμπλικανὸς βουλευτὴς ἐξέφρασε ἀμφιβολίας διὰ τὴν φιλοξενίαν τῆς κυρίας Κέννεντυ ἐπὶ τῆς θαλαμηγοῦ τοῦ κ. Ὠνάση.

ΕΛΗΦΘΗ ΑΠΟΦΑΣΙΣ
ΑΥΞΑΝΟΝΤΑΙ ΚΑΤΑ 114 ΤΑ ΕΚΛΟΓΙΚΑ ΤΜΗΜΑΤΑ ΤΗΣ ΘΕΣΣΑΛΟΝΙΚΗΣ
ΠΡΟΣ ΔΙΕΥΚΟΛΥΝΣΙΝ ΤΩΝ ΨΗΦΟΦΟΡΩΝ

Ἐγκρίσει τοῦ ὑπουργείου πρὸς διευκόλυνσιν τῶν ψηφοφόρων, αὐξάνονται τὰ ἐκλογικὰ τμήματα τῆς περιφερείας Θεσσαλονίκης κατὰ 114.

Ἐγκρίσει τοῦ ὑπουργείου πρὸς διευκόλυνσιν τῶν ψηφοφόρων, αὐξάνονται τὰ ἐκλογικὰ τμήματα τῆς περιφερείας Θεσσαλονίκης κατὰ 114.

Ἐγκρίσει τοῦ ὑπουργείου πρὸς διευκόλυνσιν τῶν ψηφοφόρων, αὐξάνονται τὰ ἐκλογικὰ τμήματα τῆς περιφερείας Θεσσαλονίκης κατὰ 114.

ΥΠΟ ΠΟΙΑΣ ΠΡΟΫΠΟΘΕΣΕΙΣ ΤΟ ΝΕΟΝ ΔΕΛΧΙ ΘΑ ΔΕΧΘΗ ΣΥΝΟΜΙΛΙΑΣ ΜΕ ΤΟ ΠΕΚΙΝΟΝ

ΝΕΟΝ ΔΕΛΧΙ, 14. (Ρώυτερ). Ἡ Ἰνδικὴ κυβέρνησις καθώρισε τοὺς ὅρους ὑπὸ τοὺς ὁποίους θὰ δεχθῇ διαπραγματεύσεις.

ΝΕΟΝ ΔΕΛΧΙ, 14. (Ρώυτερ). Ἡ Ἰνδικὴ κυβέρνησις καθώρισε τοὺς ὅρους ὑπὸ τοὺς ὁποίους θὰ δεχθῇ διαπραγματεύσεις.

ΝΕΟΝ ΔΕΛΧΙ, 14. (Ρώυτερ). Ἡ Ἰνδικὴ κυβέρνησις καθώρισε τοὺς ὅρους ὑπὸ τοὺς ὁποίους θὰ δεχθῇ διαπραγματεύσεις.

ΤΟ ΠΕΙΡΑΪΚΟΝ ΘΕΑΤΡΟΝ ΕΘΡΙΑΜΒΕΥΣΕΝ ΕΙΣ ΑΝ. ΒΕΡΟΛΙΝΟΝ ΜΕ ΤΗΝ «ΜΗΔΕΙΑΝ»

ΒΕΡΟΛΙΝΟΝ, 14. Τὸ Πειραϊκὸν Θέατρον ἔδωσε παράστασιν τῆς «Μηδείας» μὲ τεραστίαν ἐπιτυχίαν.

ΒΕΡΟΛΙΝΟΝ, 14. Τὸ Πειραϊκὸν Θέατρον ἔδωσε παράστασιν τῆς «Μηδείας» μὲ τεραστίαν ἐπιτυχίαν.

20.000.000 ΛΙΡΑΙ ΑΙ ΕΘΝΙΚΟΠΟΙΗΘΕΙΣΑΙ ΕΙΣ ΑΙΓΥΠΤΟΝ ΕΛΛΗΝΙΚΑΙ ΠΕΡΙΟΥΣΙΑΙ

Ἐγκρίσει τοῦ ὑπουργείου πρὸς διευκόλυνσιν τῶν ψηφοφόρων, αὐξάνονται τὰ ἐκλογικὰ τμήματα τῆς περιφερείας Θεσσαλονίκης κατὰ 114.

ΝΕΟΝ ΔΕΛΧΙ, 14. (Ρώυτερ). Ἡ Ἰνδικὴ κυβέρνησις καθώρισε τοὺς ὅρους ὑπὸ τοὺς ὁποίους θὰ δεχθῇ διαπραγματεύσεις.

ΤΡΑΝΖΙΣΤΟΡ ΜΕΤΑ ΜΟΥΣΙΚΗΣ ΕΙΣ ΑΣΜΑΤΑ ΤΑΧΥΔΡΟΜΕΙΟΥ

ΒΕΡΟΛΙΝΟΝ, 14. Τὸ Πειραϊκὸν Θέατρον ἔδωσε παράστασιν τῆς «Μηδείας» μὲ τεραστίαν ἐπιτυχίαν.

Ο ΠΡΟΕΔΡΟΣ ΝΑΣΣΕΡ ΘΑ ΕΠΙΣΚΕΦΘΗ ΤΗΝ ΚΕΫΛΑΝΗΝ

ΝΕΟΝ ΔΕΛΧΙ, 14. (Ρώυτερ). Ἡ Ἰνδικὴ κυβέρνησις καθώρισε τοὺς ὅρους ὑπὸ τοὺς ὁποίους θὰ δεχθῇ διαπραγματεύσεις.

ΔΙΕΘΝΕΣ ΣΕΜΙΝΑΡΙΟΝ ΕΛΛΗΝΙΚΩΝ ΣΠΟΥΔΩΝ

Ἐγκρίσει τοῦ ὑπουργείου πρὸς διευκόλυνσιν τῶν ψηφοφόρων, αὐξάνονται τὰ ἐκλογικὰ τμήματα τῆς περιφερείας Θεσσαλονίκης κατὰ 114.

Η Κ. ΟΥ-Ι-Ν ΕΖΗΤΗΣΕ ΝΑ ΕΠΙΣΚΕΦΘΗ ΤΟΝ ΣΥΖΥΓΟΝ ΤΗΣ

ΒΕΡΟΛΙΝΟΝ, 14. Τὸ Πειραϊκὸν Θέατρον ἔδωσε παράστασιν τῆς «Μηδείας» μὲ τεραστίαν ἐπιτυχίαν.

Ο ΧΑΪ-Λ-Ε ΣΕΛΑΣΙΕ ΠΕΡΙΟΔΕΥΕΙ ΕΙΣ ΑΦΡΙΚΗΝ

ΝΕΟΝ ΔΕΛΧΙ, 14. (Ρώυτερ). Ἡ Ἰνδικὴ κυβέρνησις καθώρισε τοὺς ὅρους ὑπὸ τοὺς ὁποίους θὰ δεχθῇ διαπραγματεύσεις.

ΙΣΠΑΝΙΑ ΚΑΙ ΠΟΡΤΟΓΑΛΙΑ ΘΑ ΣΥΝΔΕΘΟΥΝ ΟΜΟΣΠΟΝΔΙΑΚΩΣ

Ἐγκρίσει τοῦ ὑπουργείου πρὸς διευκόλυνσιν τῶν ψηφοφόρων, αὐξάνονται τὰ ἐκλογικὰ τμήματα τῆς περιφερείας Θεσσαλονίκης κατὰ 114.

Η ΤΖΟΑΝ ΚΟΛΛΙΝΣ ΑΠΕΚΤΗΣΕ ΤΕΚΝΟΝ

ΒΕΡΟΛΙΝΟΝ, 14. Τὸ Πειραϊκὸν Θέατρον ἔδωσε παράστασιν τῆς «Μηδείας» μὲ τεραστίαν ἐπιτυχίαν.

ΕΚΡΥΘΜΟΣ Η ΚΑΤΑΣΤΑΣΙΣ
Ταραχαὶ εἰς Βενεζουέλαν
ΑΡΙΣΤΕΡΟΙ ΔΙΑΔΗΛΩΤΑΙ ΣΥΝΕΠΛΑΚΗΣΑΝ ΜΕ ΑΣΤΥΝΟΜΙΚΟΥΣ ΕΙΣ ΚΑΡΑΚΑΣ

ΚΑΡΑΚΑΣ, 14. (Ρώυτερ). Ἡ ἀστυνομία συνεπλάκη μὲ ἀριστεροὺς διαδηλωτὰς εἰς τὸ κέντρον τῆς πρωτευούσης. Σημειώθησαν ἐπεισόδια καὶ συλλήψεις.

ΚΑΡΑΚΑΣ, 14. (Ρώυτερ). Ἡ ἀστυνομία συνεπλάκη μὲ ἀριστεροὺς διαδηλωτὰς εἰς τὸ κέντρον τῆς πρωτευούσης. Σημειώθησαν ἐπεισόδια καὶ συλλήψεις.

ΕΚΛΕΙΣΘΗ ΤΟ ΠΑΝΕΠΙΣΤΗΜΙΟΝ

ΚΑΡΑΚΑΣ, 14. (Ρώυτερ). Ἡ ἀστυνομία συνεπλάκη μὲ ἀριστεροὺς διαδηλωτὰς εἰς τὸ κέντρον τῆς πρωτευούσης. Σημειώθησαν ἐπεισόδια καὶ συλλήψεις.

ΚΑΡΑΚΑΣ, 14. (Ρώυτερ). Ἡ ἀστυνομία συνεπλάκη μὲ ἀριστεροὺς διαδηλωτὰς εἰς τὸ κέντρον τῆς πρωτευούσης. Σημειώθησαν ἐπεισόδια καὶ συλλήψεις.

ΑΝΘΡΩΠΟΛΟΓΟΣ ΑΣΚΕΙ ΠΙΕΣΙΝ ΕΠΙ ΤΩΝ ΚΑΤΟΙΚΩΝ ΧΩΡΙΟΥ ΤΗΣ ΕΔΕΣΣΗΣ

ΚΑΡΑΚΑΣ, 14. (Ρώυτερ). Ἡ ἀστυνομία συνεπλάκη μὲ ἀριστεροὺς διαδηλωτὰς εἰς τὸ κέντρον τῆς πρωτευούσης. Σημειώθησαν ἐπεισόδια καὶ συλλήψεις.

Ο ΖΑΝ ΚΟΚΤΩ ΕΤΗΡΕΙ ΑΝΕΛΛΙΠΩΣ ΗΜΕΡΟΛΟΓΙΟΝ

ΚΑΡΑΚΑΣ, 14. (Ρώυτερ). Ἡ ἀστυνομία συνεπλάκη μὲ ἀριστεροὺς διαδηλωτὰς εἰς τὸ κέντρον τῆς πρωτευούσης. Σημειώθησαν ἐπεισόδια καὶ συλλήψεις.

ΟΙ ΠΑΘΕΤ ΛΑΟ ΔΙΕΚΟΨΑΝ ΤΗΝ ΕΚΕΧΕΙΡΙΑΝ

ΒΙΕΝΤΙΑΝΕ, 14. (Ρώυτερ). Αἱ δυνάμεις τοῦ Πάθετ Λάο διέκοψαν τὴν ἐκεχειρίαν καὶ ἐπετέθησαν κατὰ τῶν κυβερνητικῶν θέσεων.

Κατὰ τὴν εἰς Θεσσαλονίκην παραμονήν του
Ο Κ. ΒΕΝΙΖΕΛΟΣ ΕΠΕΣΚΕΦΘΗ ΤΗΝ ΛΕΣΧΗΝ ΦΙΛΕΛΕΥΘΕΡΩΝ
γενόμενος ἐνθουσιωδῶς δεκτὸς ὑπὸ μεγάλου ἀριθμοῦ πολιτῶν

Ὁ πρόεδρος κ. Σ. Βενιζέλος, κατὰ τὴν εἰς Θεσσαλονίκην παραμονήν του, ἐπεσκέφθη τὴν Λέσχην Φιλελευθέρων, ὅπου ἐγένετο δεκτὸς μετ' ἐνθουσιασμοῦ ὑπὸ τῶν μελῶν καὶ φίλων τοῦ κόμματος.

Τὸν ἐν τῇ Λέσχῃ ὑπεδέχθη ὁ πρόεδρος αὐτῆς καὶ τὰ μέλη τοῦ Διοικητικοῦ Συμβουλίου. Ὁ κ. Βενιζέλος ὡμίλησε πρὸς τοὺς παρευρισκομένους.

Ὁ πρόεδρος κ. Σ. Βενιζέλος, κατὰ τὴν εἰς Θεσσαλονίκην παραμονήν του, ἐπεσκέφθη τὴν Λέσχην Φιλελευθέρων, ὅπου ἐγένετο δεκτὸς μετ' ἐνθουσιασμοῦ ὑπὸ τῶν μελῶν καὶ φίλων τοῦ κόμματος.

Τὸν ἐν τῇ Λέσχῃ ὑπεδέχθη ὁ πρόεδρος αὐτῆς καὶ τὰ μέλη τοῦ Διοικητικοῦ Συμβουλίου. Ὁ κ. Βενιζέλος ὡμίλησε πρὸς τοὺς παρευρισκομένους.

Τὸν ἐν τῇ Λέσχῃ ὑπεδέχθη ὁ πρόεδρος αὐτῆς καὶ τὰ μέλη τοῦ Διοικητικοῦ Συμβουλίου. Ὁ κ. Βενιζέλος ὡμίλησε πρὸς τοὺς παρευρισκομένους.

Ο κ. ΣΤΕΦΑΝΟΠΟΥΛΟΣ

Ἐπίσης ὁ κ. Στεφανόπουλος ἐπεσκέφθη τὸ ἐκλογικὸν κέντρον καὶ συνωμίλησε μετὰ τῶν ὑποψηφίων βουλευτῶν.

ΑΠΟΛΥΤΩΣ ΙΚΑΝΟΠΟΙΗΜΕΝΟΣ

Ἐπίσης ὁ κ. Στεφανόπουλος ἐπεσκέφθη τὸ ἐκλογικὸν κέντρον καὶ συνωμίλησε μετὰ τῶν ὑποψηφίων βουλευτῶν.

ΚΑΤΑ ΤΟ ΤΕΛΕΥΤΑΙΟΝ 48ΩΡΟΝ
Τρεῖς νεκροὶ καὶ εἴκοσι τραυματίαι ἐκ πολλῶν τροχαίων ἀτυχημάτων
ΔΥΟ ΜΟΤΟΠΟΔΗΛΑΤΑΙ ΕΦΟΝΕΥΘΗΣΑΝ ΕΙΣ ΝΕΜΕΑΝ ΚΑΙ ΕΙΣ ΜΟΤΟΣΙΚΛΕΤΤΙΣΤΗΣ ΕΙΣ ΤΑΣ ΑΘΗΝΑΣ.— ΑΝΘΥΠΟΣΜΗΝΑΓΟΣ ΠΑΡΕΣΥΡΘΗ ΥΠΟ ΤΡΙΚΥΚΛΟΥ

Τρία ἄτομα ἐφονεύθησαν καὶ εἴκοσι ἐτραυματίσθησαν εἰς διάφορα τροχαῖα ἀτυχήματα σημειωθέντα κατὰ τὸ τελευταῖον 48ωρον εἰς Ἀθήνας καὶ ἐπαρχίας.

Τρία ἄτομα ἐφονεύθησαν καὶ εἴκοσι ἐτραυματίσθησαν εἰς διάφορα τροχαῖα ἀτυχήματα σημειωθέντα κατὰ τὸ τελευταῖον 48ωρον εἰς Ἀθήνας καὶ ἐπαρχίας.

Πειραιεύς, ἐκλείσθη ὁ ἀνθυποσμηναγός τῆς Πολεμικῆς Ἀεροπορίας, παρασυρθεὶς ὑπὸ τρικύκλου εἰς τὴν λεωφόρον, διεκομίσθη εἰς τὸ νοσοκομεῖον.

Τρία ἄτομα ἐφονεύθησαν καὶ εἴκοσι ἐτραυματίσθησαν εἰς διάφορα τροχαῖα ἀτυχήματα σημειωθέντα κατὰ τὸ τελευταῖον 48ωρον εἰς Ἀθήνας καὶ ἐπαρχίας.

ΑΛΛΑ ΑΤΥΧΗΜΑΤΑ

Πειραιεύς, ἐκλείσθη ὁ ἀνθυποσμηναγός τῆς Πολεμικῆς Ἀεροπορίας, παρασυρθεὶς ὑπὸ τρικύκλου εἰς τὴν λεωφόρον, διεκομίσθη εἰς τὸ νοσοκομεῖον.

Τρία ἄτομα ἐφονεύθησαν καὶ εἴκοσι ἐτραυματίσθησαν εἰς διάφορα τροχαῖα ἀτυχήματα σημειωθέντα κατὰ τὸ τελευταῖον 48ωρον εἰς Ἀθήνας καὶ ἐπαρχίας.

Πειραιεύς, ἐκλείσθη ὁ ἀνθυποσμηναγός τῆς Πολεμικῆς Ἀεροπορίας, παρασυρθεὶς ὑπὸ τρικύκλου εἰς τὴν λεωφόρον, διεκομίσθη εἰς τὸ νοσοκομεῖον.

ΔΥΟ ΝΕΚΡΟΙ ΕΙΣ ΝΕΜΕΑΝ

Τρία ἄτομα ἐφονεύθησαν καὶ εἴκοσι ἐτραυματίσθησαν εἰς διάφορα τροχαῖα ἀτυχήματα σημειωθέντα κατὰ τὸ τελευταῖον 48ωρον εἰς Ἀθήνας καὶ ἐπαρχίας.

ΝΕΑΙ ΙΧΘΥΟΣΚΑΛΑΙ ΕΙΣ ΠΑΤΡΑΣ ΚΑΙ ΒΟΛΟΝ

ΑΘΗΝΑΙ, 14. Ὁ ὑπουργὸς Βιομηχανίας ἀνεκοίνωσε τὴν ἵδρυσιν νέων ἰχθυοσκαλῶν εἰς τὰς πόλεις Πάτρας καὶ Βόλον.

Ο ΑΓΓΛΟΣ ΠΡΕΣΒΥΣ ΑΝΑΧΩΡΕΙ ΕΚ ΤΣΑΚΑΡΤΑΣ

ΤΣΑΚΑΡΤΑ, 14. (Ἀσσ. Πρὲς). Ὁ πρεσβευτὴς τῆς Μεγάλης Βρεταννίας ἀναχωρεῖ ἐκ τῆς Ἰνδονησίας μετὰ τὰ τελευταῖα γεγονότα.
